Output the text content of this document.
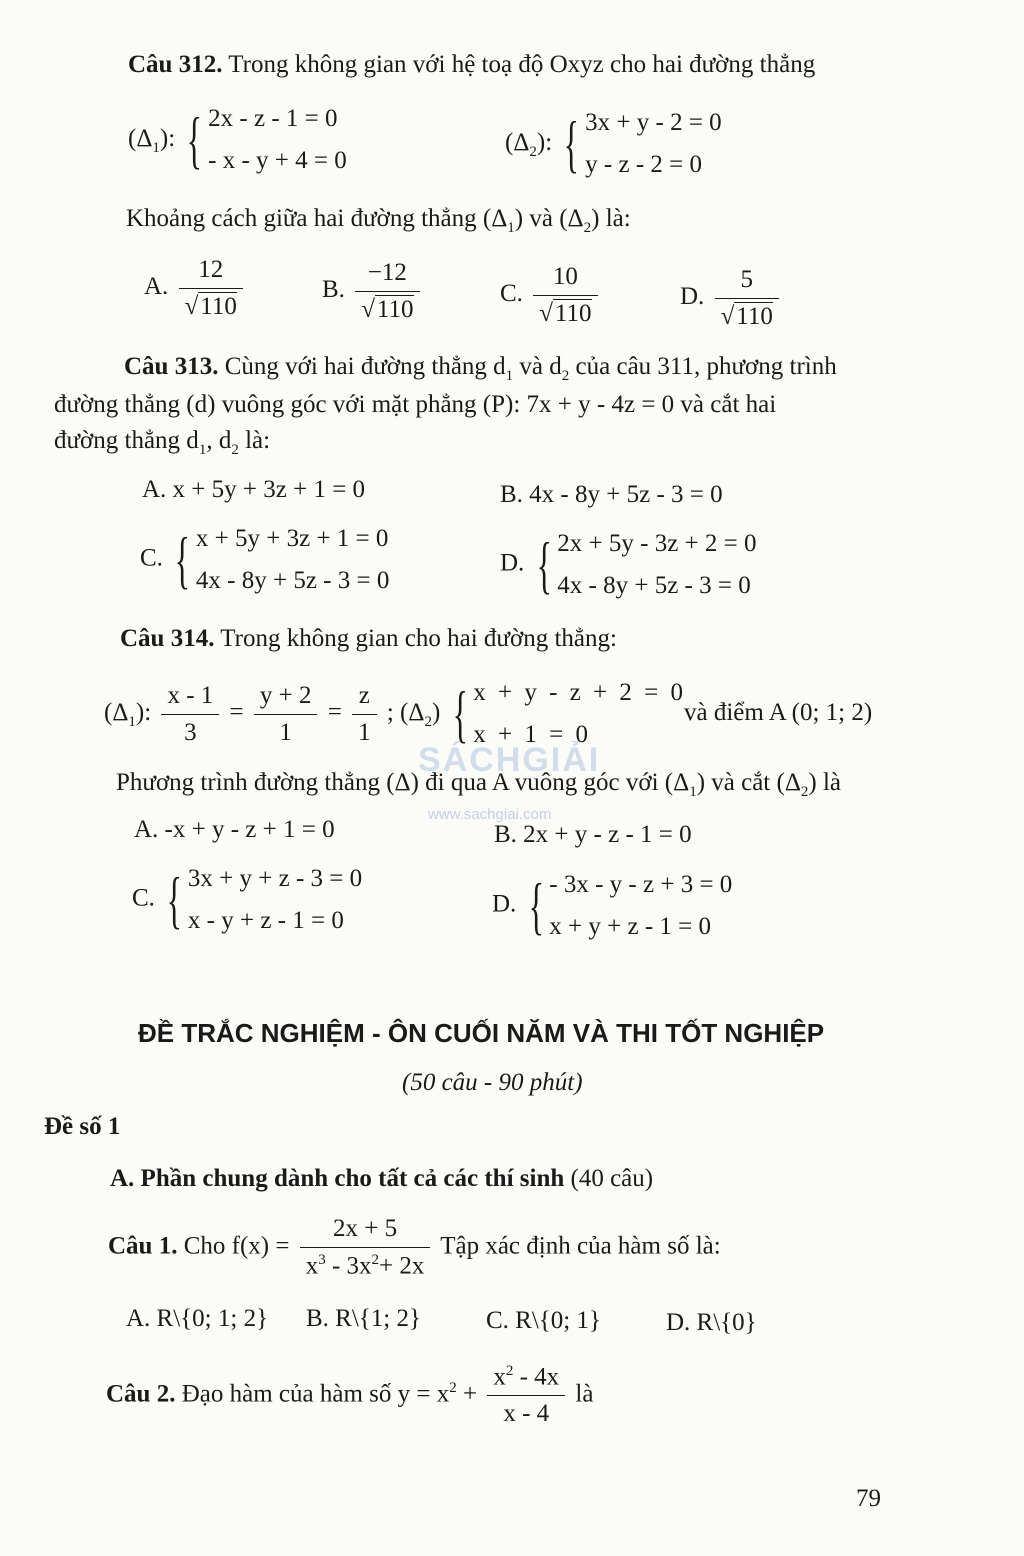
SÁCHGIẢI
www.sachgiai.com
Câu 312. Trong không gian với hệ toạ độ Oxyz cho hai đường thẳng
$(\Delta_1)$: { 2x - z - 1 = 0
- x - y + 4 = 0
$(\Delta_2)$: { 3x + y - 2 = 0
y - z - 2 = 0
Khoảng cách giữa hai đường thẳng $(\Delta_1)$ và $(\Delta_2)$ là:
A. $\frac{12}{√110}$	B. $\frac{-12}{√110}$	C. $\frac{10}{√110}$	D. $\frac{5}{√110}$
Câu 313. Cùng với hai đường thẳng $d_1$ và $d_2$ của câu 311, phương trình
đường thẳng (d) vuông góc với mặt phẳng (P): 7x + y - 4z = 0 và cắt hai
đường thẳng $d_1$, $d_2$ là:
A. x + 5y + 3z + 1 = 0	B. 4x - 8y + 5z - 3 = 0
C. { x + 5y + 3z + 1 = 0
4x - 8y + 5z - 3 = 0
D. { 2x + 5y - 3z + 2 = 0
4x - 8y + 5z - 3 = 0
Câu 314. Trong không gian cho hai đường thẳng:
$(\Delta_1)$: $\frac{x - 1}{3} = \frac{y + 2}{1} = \frac{z}{1}$ ; $(\Delta_2)$ { x + y - z + 2 = 0
x + 1 = 0
và điểm A (0; 1; 2)
Phương trình đường thẳng (Δ) đi qua A vuông góc với $(\Delta_1)$ và cắt $(\Delta_2)$ là
A. -x + y - z + 1 = 0	B. 2x + y - z - 1 = 0
C. { 3x + y + z - 3 = 0
x - y + z - 1 = 0
D. { - 3x - y - z + 3 = 0
x + y + z - 1 = 0
ĐỀ TRẮC NGHIỆM - ÔN CUỐI NĂM VÀ THI TỐT NGHIỆP
(50 câu - 90 phút)
Đề số 1
A. Phần chung dành cho tất cả các thí sinh (40 câu)
Câu 1. Cho $f(x) = \frac{2x + 5}{x^3 - 3x^2+ 2x}$ Tập xác định của hàm số là:
A. R\{0; 1; 2} B. R\{1; 2}	C. R\{0; 1}	D. R\{0}
Câu 2. Đạo hàm của hàm số $y = x^2 + \frac{x^2 - 4x}{x - 4}$ là
79
